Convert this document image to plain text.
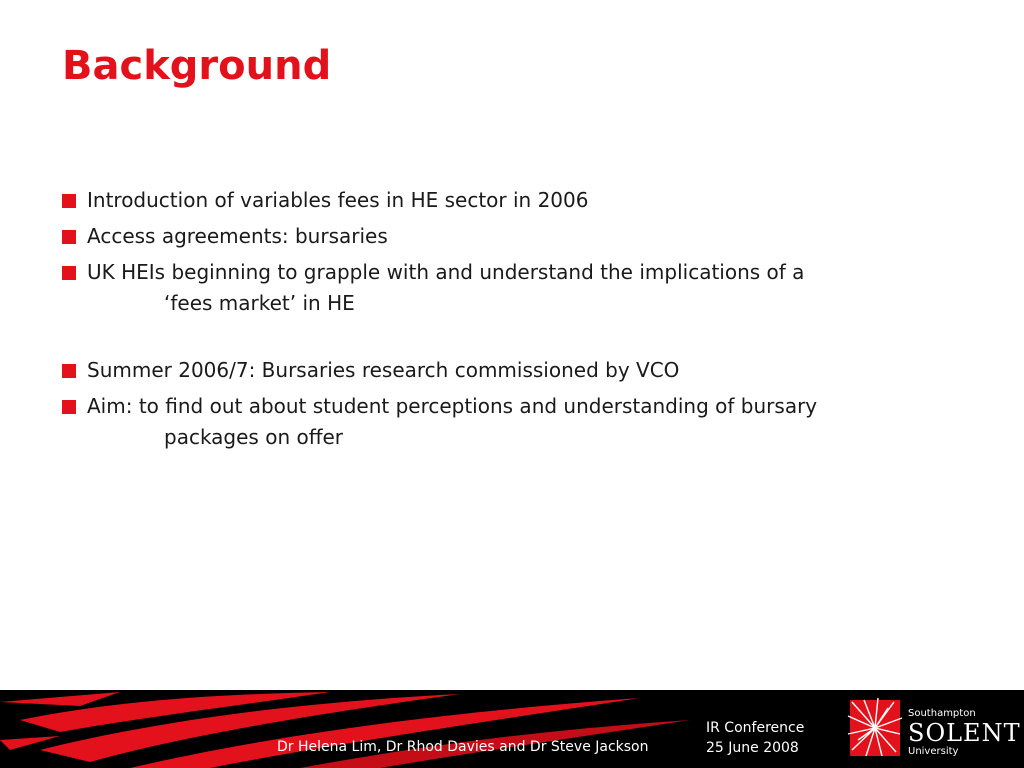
Background
Introduction of variables fees in HE sector in 2006
Access agreements: bursaries
UK HEIs beginning to grapple with and understand the implications of a
‘fees market’ in HE
Summer 2006/7: Bursaries research commissioned by VCO
Aim: to find out about student perceptions and understanding of bursary
packages on offer
Dr Helena Lim, Dr Rhod Davies and Dr Steve Jackson
IR Conference
25 June 2008
Southampton
SOLENT
University
